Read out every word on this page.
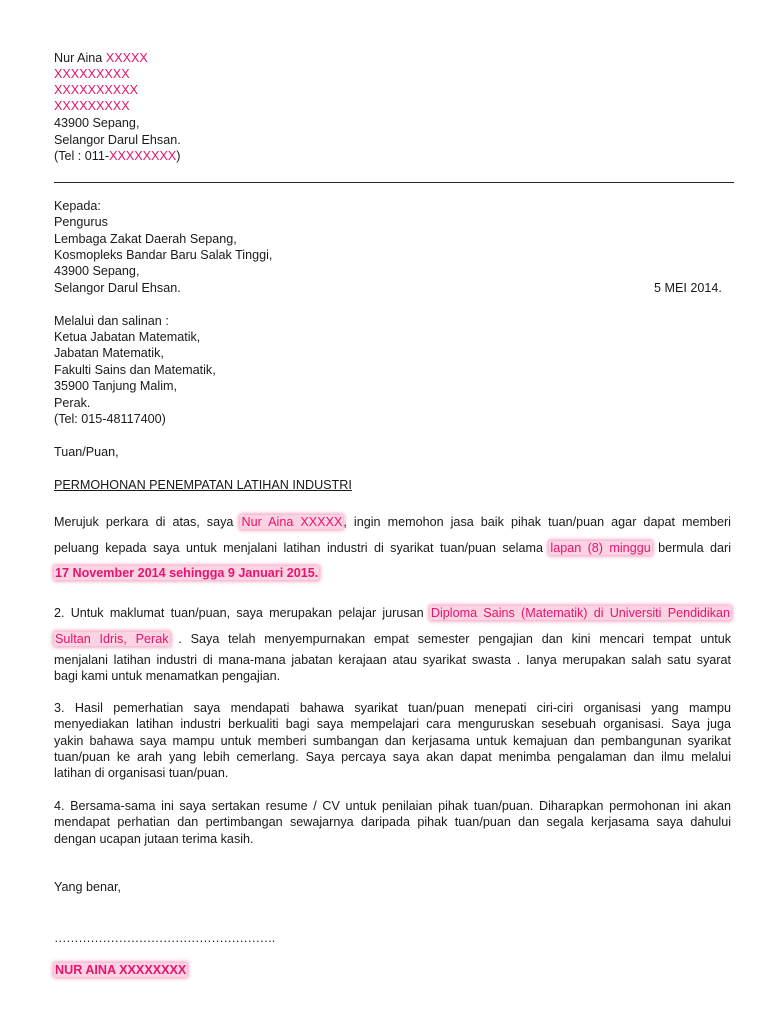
Nur Aina XXXXX
XXXXXXXXX
XXXXXXXXXX
XXXXXXXXX
43900 Sepang,
Selangor Darul Ehsan.
(Tel : 011-XXXXXXXX)
Kepada:
Pengurus
Lembaga Zakat Daerah Sepang,
Kosmopleks Bandar Baru Salak Tinggi,
43900 Sepang,
Selangor Darul Ehsan.	5 MEI 2014.
Melalui dan salinan :
Ketua Jabatan Matematik,
Jabatan Matematik,
Fakulti Sains dan Matematik,
35900 Tanjung Malim,
Perak.
(Tel: 015-48117400)
Tuan/Puan,
PERMOHONAN PENEMPATAN LATIHAN INDUSTRI
Merujuk perkara di atas, saya Nur Aina XXXXX, ingin memohon jasa baik pihak tuan/puan agar dapat memberi
peluang kepada saya untuk menjalani latihan industri di syarikat tuan/puan selama lapan (8) minggu bermula dari
17 November 2014 sehingga 9 Januari 2015.
2. Untuk maklumat tuan/puan, saya merupakan pelajar jurusan Diploma Sains (Matematik) di Universiti Pendidikan
Sultan Idris, Perak . Saya telah menyempurnakan empat semester pengajian dan kini mencari tempat untuk
menjalani latihan industri di mana-mana jabatan kerajaan atau syarikat swasta . Ianya merupakan salah satu syarat
bagi kami untuk menamatkan pengajian.
3. Hasil pemerhatian saya mendapati bahawa syarikat tuan/puan menepati ciri-ciri organisasi yang mampu
menyediakan latihan industri berkualiti bagi saya mempelajari cara menguruskan sesebuah organisasi. Saya juga
yakin bahawa saya mampu untuk memberi sumbangan dan kerjasama untuk kemajuan dan pembangunan syarikat
tuan/puan ke arah yang lebih cemerlang. Saya percaya saya akan dapat menimba pengalaman dan ilmu melalui
latihan di organisasi tuan/puan.
4. Bersama-sama ini saya sertakan resume / CV untuk penilaian pihak tuan/puan. Diharapkan permohonan ini akan
mendapat perhatian dan pertimbangan sewajarnya daripada pihak tuan/puan dan segala kerjasama saya dahului
dengan ucapan jutaan terima kasih.
Yang benar,
……………………………………………….
NUR AINA XXXXXXXX
